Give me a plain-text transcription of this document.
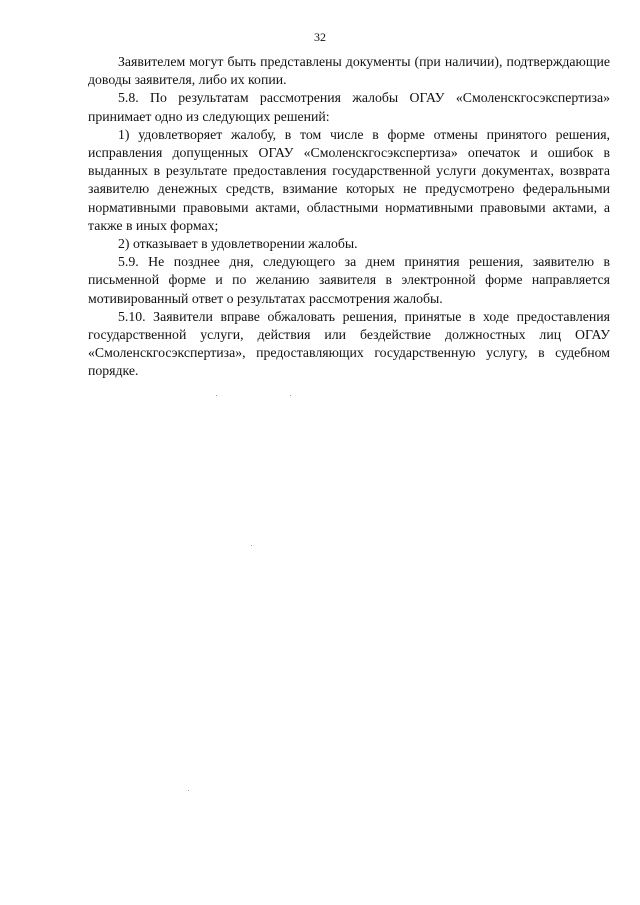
32

Заявителем могут быть представлены документы (при наличии), подтверждающие доводы заявителя, либо их копии.

5.8. По результатам рассмотрения жалобы ОГАУ «Смоленскгосэкспертиза» принимает одно из следующих решений:

1) удовлетворяет жалобу, в том числе в форме отмены принятого решения, исправления допущенных ОГАУ «Смоленскгосэкспертиза» опечаток и ошибок в выданных в результате предоставления государственной услуги документах, возврата заявителю денежных средств, взимание которых не предусмотрено федеральными нормативными правовыми актами, областными нормативными правовыми актами, а также в иных формах;

2) отказывает в удовлетворении жалобы.

5.9. Не позднее дня, следующего за днем принятия решения, заявителю в письменной форме и по желанию заявителя в электронной форме направляется мотивированный ответ о результатах рассмотрения жалобы.

5.10. Заявители вправе обжаловать решения, принятые в ходе предоставления государственной услуги, действия или бездействие должностных лиц ОГАУ «Смоленскгосэкспертиза», предоставляющих государственную услугу, в судебном порядке.
